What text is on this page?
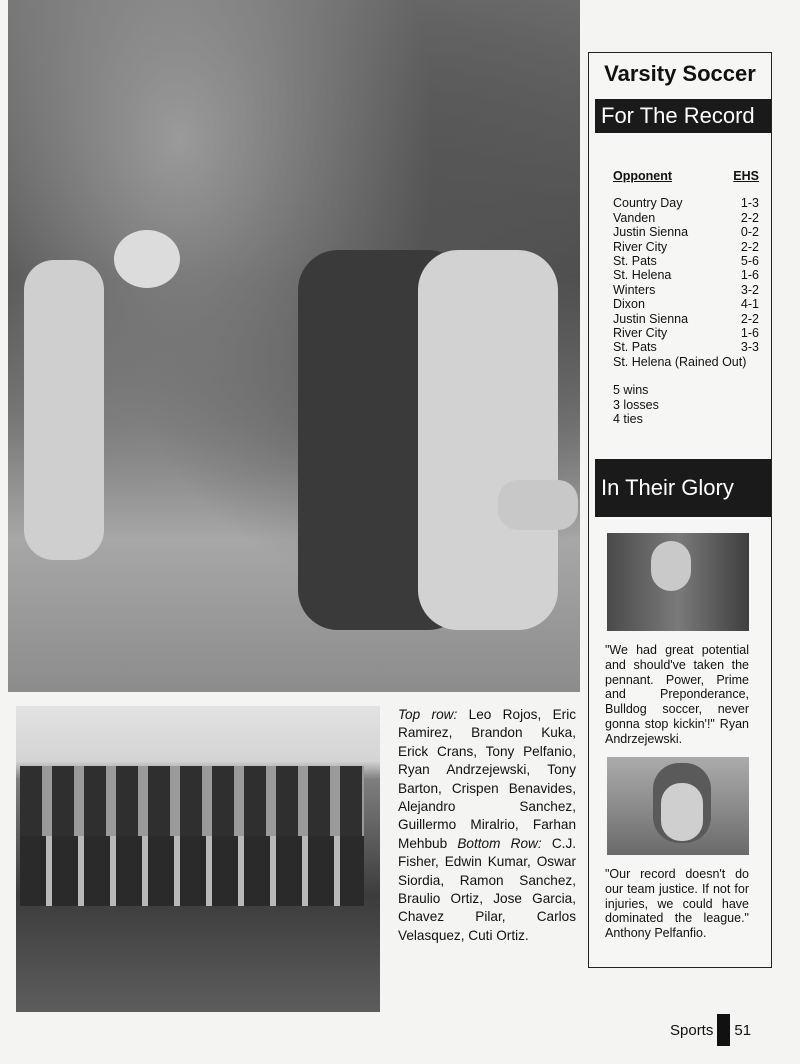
Top row: Leo Rojos, Eric Ramirez, Brandon Kuka, Erick Crans, Tony Pelfanio, Ryan Andrzejewski, Tony Barton, Crispen Benavides, Alejandro Sanchez, Guillermo Miralrio, Farhan Mehbub Bottom Row: C.J. Fisher, Edwin Kumar, Oswar Siordia, Ramon Sanchez, Braulio Ortiz, Jose Garcia, Chavez Pilar, Carlos Velasquez, Cuti Ortiz.
Varsity Soccer
For The Record
Opponent	EHS
Country Day	1-3
Vanden	2-2
Justin Sienna	0-2
River City	2-2
St. Pats	5-6
St. Helena	1-6
Winters	3-2
Dixon	4-1
Justin Sienna	2-2
River City	1-6
St. Pats	3-3
St. Helena (Rained Out)
5 wins
3 losses
4 ties
In Their Glory
"We had great potential and should've taken the pennant. Power, Prime and Preponderance, Bulldog soccer, never gonna stop kickin'!" Ryan Andrzejewski.
"Our record doesn't do our team justice. If not for injuries, we could have dominated the league." Anthony Pelfanfio.
Sports 51
